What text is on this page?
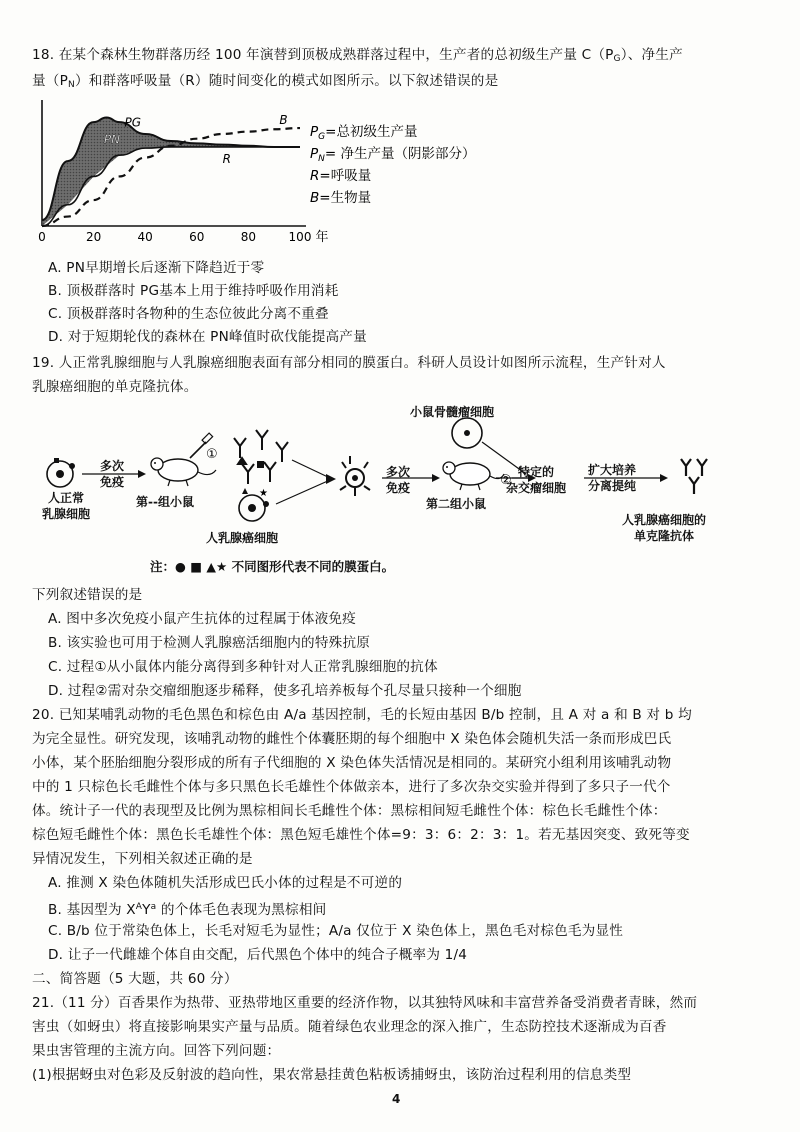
18. 在某个森林生物群落历经 100 年演替到顶极成熟群落过程中，生产者的总初级生产量 $C(P_G)$、净生产
量$(P_N)$和群落呼吸量（R）随时间变化的模式如图所示。以下叙述错误的是
0	20	40	60	80	100 年
PG
PN
R
B
$P_G=$总初级生产量
$P_N=$ 净生产量（阴影部分）
R=呼吸量
B=生物量
A. PN早期增长后逐渐下降趋近于零
B. 顶极群落时 PG基本上用于维持呼吸作用消耗
C. 顶极群落时各物种的生态位彼此分离不重叠
D. 对于短期轮伐的森林在 PN峰值时砍伐能提高产量
19. 人正常乳腺细胞与人乳腺癌细胞表面有部分相同的膜蛋白。科研人员设计如图所示流程，生产针对人
乳腺癌细胞的单克隆抗体。
①
★
②
人正常
乳腺细胞
多次
免疫
第--组小鼠
人乳腺癌细胞
多次
免疫
第二组小鼠
小鼠骨髓瘤细胞
特定的
杂交瘤细胞
扩大培养
分离提纯
人乳腺癌细胞的
单克隆抗体
注：● ■ ▲★ 不同图形代表不同的膜蛋白。
下列叙述错误的是
A. 图中多次免疫小鼠产生抗体的过程属于体液免疫
B. 该实验也可用于检测人乳腺癌活细胞内的特殊抗原
C. 过程①从小鼠体内能分离得到多种针对人正常乳腺细胞的抗体
D. 过程②需对杂交瘤细胞逐步稀释，使多孔培养板每个孔尽量只接种一个细胞
20. 已知某哺乳动物的毛色黑色和棕色由 A/a 基因控制，毛的长短由基因 B/b 控制，且 A 对 a 和 B 对 b 均
为完全显性。研究发现，该哺乳动物的雌性个体囊胚期的每个细胞中 X 染色体会随机失活一条而形成巴氏
小体，某个胚胎细胞分裂形成的所有子代细胞的 X 染色体失活情况是相同的。某研究小组利用该哺乳动物
中的 1 只棕色长毛雌性个体与多只黑色长毛雄性个体做亲本，进行了多次杂交实验并得到了多只子一代个
体。统计子一代的表现型及比例为黑棕相间长毛雌性个体：黑棕相间短毛雌性个体：棕色长毛雌性个体：
棕色短毛雌性个体：黑色长毛雄性个体：黑色短毛雄性个体=9：3：6：2：3：1。若无基因突变、致死等变
异情况发生，下列相关叙述正确的是
A. 推测 X 染色体随机失活形成巴氏小体的过程是不可逆的
B. 基因型为 $X^AY^a$ 的个体毛色表现为黑棕相间
C. B/b 位于常染色体上，长毛对短毛为显性；A/a 仅位于 X 染色体上，黑色毛对棕色毛为显性
D. 让子一代雌雄个体自由交配，后代黑色个体中的纯合子概率为 1/4
二、简答题（5 大题，共 60 分）
21.（11 分）百香果作为热带、亚热带地区重要的经济作物，以其独特风味和丰富营养备受消费者青睐，然而
害虫（如蚜虫）将直接影响果实产量与品质。随着绿色农业理念的深入推广，生态防控技术逐渐成为百香
果虫害管理的主流方向。回答下列问题：
(1)根据蚜虫对色彩及反射波的趋向性，果农常悬挂黄色粘板诱捕蚜虫，该防治过程利用的信息类型
4
